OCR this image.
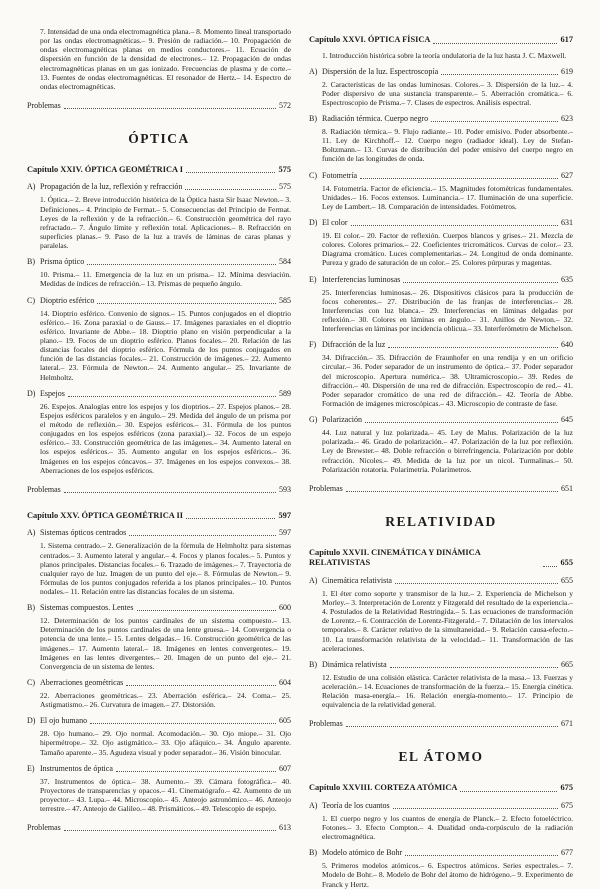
7. Intensidad de una onda electromagnética plana.– 8. Momento lineal transportado por las ondas electromagnéticas.– 9. Presión de radiación.– 10. Propagación de ondas electromagnéticas planas en medios conductores.– 11. Ecuación de dispersión en función de la densidad de electrones.– 12. Propagación de ondas electromagnéticas planas en un gas ionizado. Frecuencias de plasma y de corte.– 13. Fuentes de ondas electromagnéticas. El resonador de Hertz.– 14. Espectro de ondas electromagnéticas.

Problemas	572
ÓPTICA
Capítulo XXIV. ÓPTICA GEOMÉTRICA I	575
A) Propagación de la luz, reflexión y refracción	575

1. Óptica.– 2. Breve introducción histórica de la Óptica hasta Sir Isaac Newton.– 3. Definiciones.– 4. Principio de Fermat.– 5. Consecuencias del Principio de Fermat. Leyes de la reflexión y de la refracción.– 6. Construcción geométrica del rayo refractado.– 7. Ángulo límite y reflexión total. Aplicaciones.– 8. Refracción en superficies planas.– 9. Paso de la luz a través de láminas de caras planas y paralelas.

B) Prisma óptico	584

10. Prisma.– 11. Emergencia de la luz en un prisma.– 12. Mínima desviación. Medidas de índices de refracción.– 13. Prismas de pequeño ángulo.

C) Dioptrio esférico	585

14. Dioptrio esférico. Convenio de signos.– 15. Puntos conjugados en el dioptrio esférico.– 16. Zona paraxial o de Gauss.– 17. Imágenes paraxiales en el dioptrio esférico. Invariante de Abbe.– 18. Dioptrio plano en visión perpendicular a la plano.– 19. Focos de un dioptrio esférico. Planos focales.– 20. Relación de las distancias focales del dioptrio esférico. Fórmula de los puntos conjugados en función de las distancias focales.– 21. Construcción de imágenes.– 22. Aumento lateral.– 23. Fórmula de Newton.– 24. Aumento angular.– 25. Invariante de Helmholtz.

D) Espejos	589

26. Espejos. Analogías entre los espejos y los dioptrios.– 27. Espejos planos.– 28. Espejos esféricos paralelos y en ángulo.– 29. Medida del ángulo de un prisma por el método de reflexión.– 30. Espejos esféricos.– 31. Fórmula de los puntos conjugados en los espejos esféricos (zona paraxial).– 32. Focos de un espejo esférico.– 33. Construcción geométrica de las imágenes.– 34. Aumento lateral en los espejos esféricos.– 35. Aumento angular en los espejos esféricos.– 36. Imágenes en los espejos cóncavos.– 37. Imágenes en los espejos convexos.– 38. Aberraciones de los espejos esféricos.

Problemas	593
Capítulo XXV. ÓPTICA GEOMÉTRICA II	597
A) Sistemas ópticos centrados	597

1. Sistema centrado.– 2. Generalización de la fórmula de Helmholtz para sistemas centrados.– 3. Aumento lateral y angular.– 4. Focos y planos focales.– 5. Puntos y planos principales. Distancias focales.– 6. Trazado de imágenes.– 7. Trayectoria de cualquier rayo de luz. Imagen de un punto del eje.– 8. Fórmulas de Newton.– 9. Fórmulas de los puntos conjugados referida a los planos principales.– 10. Puntos nodales.– 11. Relación entre las distancias focales de un sistema.

B) Sistemas compuestos. Lentes	600

12. Determinación de los puntos cardinales de un sistema compuesto.– 13. Determinación de los puntos cardinales de una lente gruesa.– 14. Convergencia o potencia de una lente.– 15. Lentes delgadas.– 16. Construcción geométrica de las imágenes.– 17. Aumento lateral.– 18. Imágenes en lentes convergentes.– 19. Imágenes en las lentes divergentes.– 20. Imagen de un punto del eje.– 21. Convergencia de un sistema de lentes.

C) Aberraciones geométricas	604

22. Aberraciones geométricas.– 23. Aberración esférica.– 24. Coma.– 25. Astigmatismo.– 26. Curvatura de imagen.– 27. Distorsión.

D) El ojo humano	605

28. Ojo humano.– 29. Ojo normal. Acomodación.– 30. Ojo miope.– 31. Ojo hipermétrope.– 32. Ojo astigmático.– 33. Ojo afáquico.– 34. Ángulo aparente. Tamaño aparente.– 35. Agudeza visual y poder separador.– 36. Visión binocular.

E) Instrumentos de óptica	607

37. Instrumentos de óptica.– 38. Aumento.– 39. Cámara fotográfica.– 40. Proyectores de transparencias y opacos.– 41. Cinematógrafo.– 42. Aumento de un proyector.– 43. Lupa.– 44. Microscopio.– 45. Anteojo astronómico.– 46. Anteojo terrestre.– 47. Anteojo de Galileo.– 48. Prismáticos.– 49. Telescopio de espejo.

Problemas	613
Capítulo XXVI. ÓPTICA FÍSICA	617

1. Introducción histórica sobre la teoría ondulatoria de la luz hasta J. C. Maxwell.

A) Dispersión de la luz. Espectroscopía	619

2. Características de las ondas luminosas. Colores.– 3. Dispersión de la luz.– 4. Poder dispersivo de una sustancia transparente.– 5. Aberración cromática.– 6. Espectroscopio de Prisma.– 7. Clases de espectros. Análisis espectral.

B) Radiación térmica. Cuerpo negro	623

8. Radiación térmica.– 9. Flujo radiante.– 10. Poder emisivo. Poder absorbente.– 11. Ley de Kirchhoff.– 12. Cuerpo negro (radiador ideal). Ley de Stefan-Boltzmann.– 13. Curvas de distribución del poder emisivo del cuerpo negro en función de las longitudes de onda.

C) Fotometría	627

14. Fotometría. Factor de eficiencia.– 15. Magnitudes fotométricas fundamentales. Unidades.– 16. Focos extensos. Luminancia.– 17. Iluminación de una superficie. Ley de Lambert.– 18. Comparación de intensidades. Fotómetros.

D) El color	631

19. El color.– 20. Factor de reflexión. Cuerpos blancos y grises.– 21. Mezcla de colores. Colores primarios.– 22. Coeficientes tricromáticos. Curvas de color.– 23. Diagrama cromático. Luces complementarias.– 24. Longitud de onda dominante. Pureza y grado de saturación de un color.– 25. Colores púrpuras y magentas.

E) Interferencias luminosas	635

25. Interferencias luminosas.– 26. Dispositivos clásicos para la producción de focos coherentes.– 27. Distribución de las franjas de interferencias.– 28. Interferencias con luz blanca.– 29. Interferencias en láminas delgadas por reflexión.– 30. Colores en láminas en ángulo.– 31. Anillos de Newton.– 32. Interferencias en láminas por incidencia oblicua.– 33. Interferómetro de Michelson.

F) Difracción de la luz	640

34. Difracción.– 35. Difracción de Fraunhofer en una rendija y en un orificio circular.– 36. Poder separador de un instrumento de óptica.– 37. Poder separador del microscopio. Apertura numérica.– 38. Ultramicroscopio.– 39. Redes de difracción.– 40. Dispersión de una red de difracción. Espectroscopio de red.– 41. Poder separador cromático de una red de difracción.– 42. Teoría de Abbe. Formación de imágenes microscópicas.– 43. Microscopio de contraste de fase.

G) Polarización	645

44. Luz natural y luz polarizada.– 45. Ley de Malus. Polarización de la luz polarizada.– 46. Grado de polarización.– 47. Polarización de la luz por reflexión. Ley de Brewster.– 48. Doble refracción o birrefringencia. Polarización por doble refracción. Nicoles.– 49. Medida de la luz por un nicol. Turmalinas.– 50. Polarización rotatoria. Polarimetría. Polarímetros.

Problemas	651
RELATIVIDAD
Capítulo XXVII. CINEMÁTICA Y DINÁMICA RELATIVISTAS	655
A) Cinemática relativista	655

1. El éter como soporte y transmisor de la luz.– 2. Experiencia de Michelson y Morley.– 3. Interpretación de Lorentz y Fitzgerald del resultado de la experiencia.– 4. Postulados de la Relatividad Restringida.– 5. Las ecuaciones de transformación de Lorentz.– 6. Contracción de Lorentz-Fitzgerald.– 7. Dilatación de los intervalos temporales.– 8. Carácter relativo de la simultaneidad.– 9. Relación causa-efecto.– 10. La transformación relativista de la velocidad.– 11. Transformación de las aceleraciones.

B) Dinámica relativista	665

12. Estudio de una colisión elástica. Carácter relativista de la masa.– 13. Fuerzas y aceleración.– 14. Ecuaciones de transformación de la fuerza.– 15. Energía cinética. Relación masa-energía.– 16. Relación energía-momento.– 17. Principio de equivalencia de la relatividad general.

Problemas	671
EL ÁTOMO
Capítulo XXVIII. CORTEZA ATÓMICA	675
A) Teoría de los cuantos	675

1. El cuerpo negro y los cuantos de energía de Planck.– 2. Efecto fotoeléctrico. Fotones.– 3. Efecto Compton.– 4. Dualidad onda-corpúsculo de la radiación electromagnética.

B) Modelo atómico de Bohr	677

5. Primeros modelos atómicos.– 6. Espectros atómicos. Series espectrales.– 7. Modelo de Bohr.– 8. Modelo de Bohr del átomo de hidrógeno.– 9. Experimento de Franck y Hertz.
